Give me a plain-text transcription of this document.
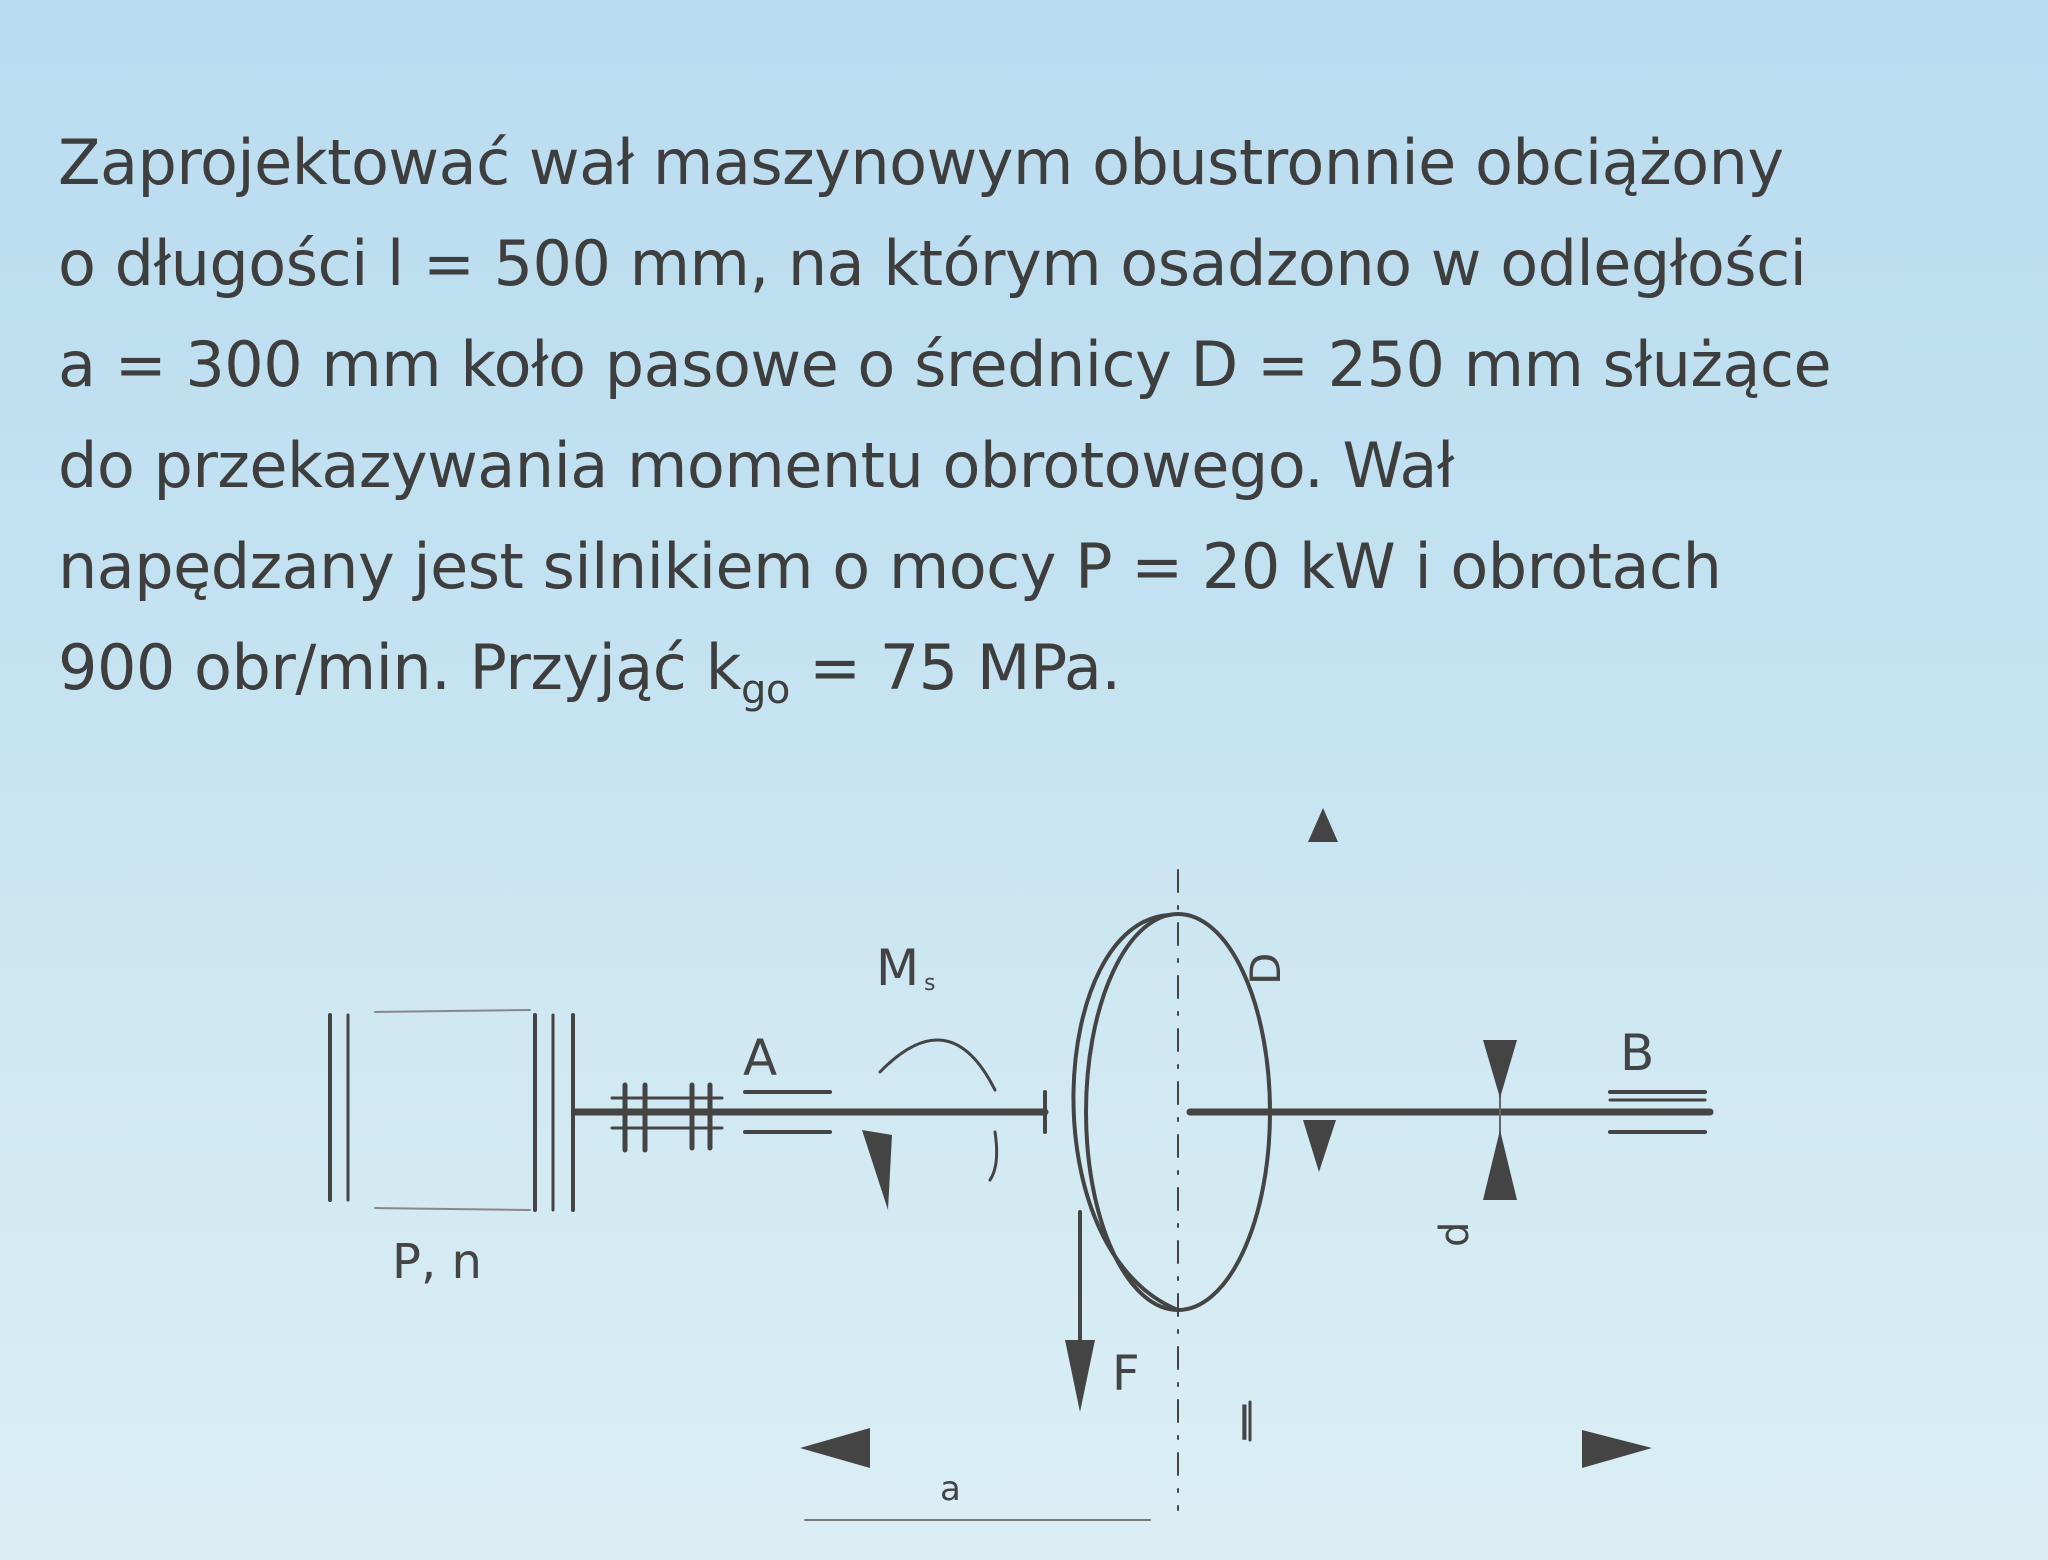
Zaprojektować wał maszynowym obustronnie obciążony
o długości l = 500 mm, na którym osadzono w odległości
a = 300 mm koło pasowe o średnicy D = 250 mm służące
do przekazywania momentu obrotowego. Wał
napędzany jest silnikiem o mocy P = 20 kW i obrotach
900 obr/min. Przyjąć $k_{go} = 75$ MPa.
M s
A	B
P, n
F
D
d
l
a
